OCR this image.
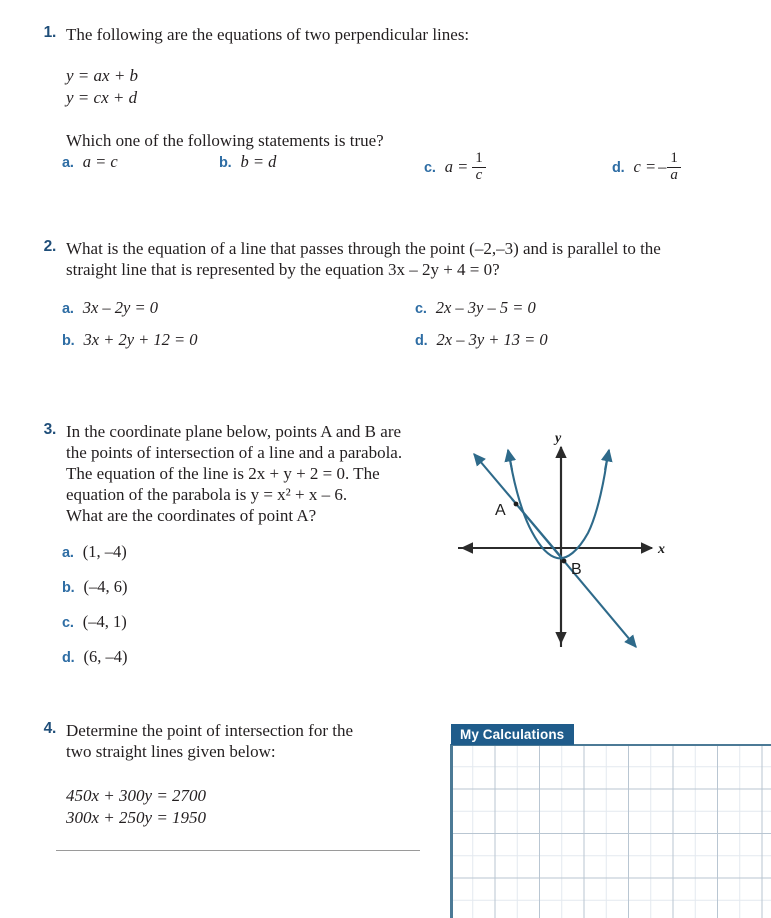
1. The following are the equations of two perpendicular lines:
y = ax + b
y = cx + d
Which one of the following statements is true?
a. a = c	b. b = d	c. $a = \frac{1}{c}$	d. c = – $\frac{1}{a}$
2. What is the equation of a line that passes through the point (–2,–3) and is parallel to the
straight line that is represented by the equation 3x – 2y + 4 = 0?
a. 3x – 2y = 0
b. 3x + 2y + 12 = 0
c. 2x – 3y – 5 = 0
d. 2x – 3y + 13 = 0
3. In the coordinate plane below, points A and B are
the points of intersection of a line and a parabola.
The equation of the line is 2x + y + 2 = 0. The
equation of the parabola is y = x² + x – 6.
What are the coordinates of point A?
a. (1, –4)
b. (–4, 6)
c. (–4, 1)
d. (6, –4)
A
B
x
y
4. Determine the point of intersection for the
two straight lines given below:
450x + 300y = 2700
300x + 250y = 1950
My Calculations
